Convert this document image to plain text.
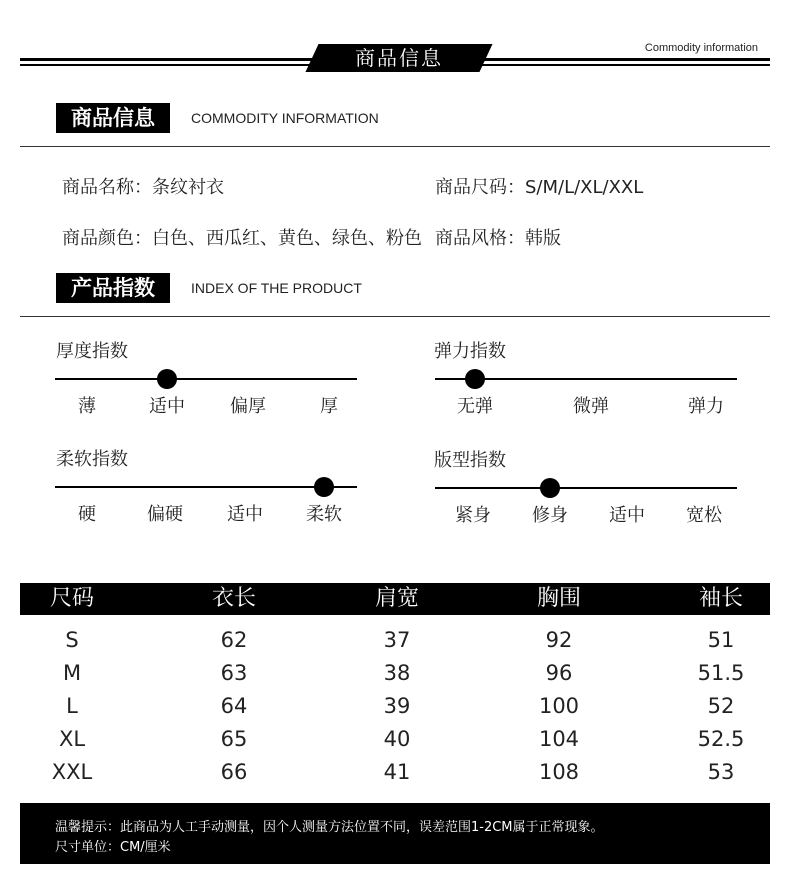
商品信息	Commodity information
商品信息	COMMODITY INFORMATION
商品名称：条纹衬衣	商品尺码：S/M/L/XL/XXL
商品颜色：白色、西瓜红、黄色、绿色、粉色 商品风格：韩版
产品指数	INDEX OF THE PRODUCT
厚度指数
薄	适中	偏厚	厚
弹力指数
无弹	微弹	弹力
柔软指数
硬	偏硬	适中	柔软
版型指数
紧身	修身	适中	宽松
尺码	衣长	肩宽	胸围	袖长
S	62	37	92	51
M	63	38	96	51.5
L	64	39	100	52
XL	65	40	104	52.5
XXL	66	41	108	53
温馨提示：此商品为人工手动测量，因个人测量方法位置不同，误差范围1-2CM属于正常现象。
尺寸单位：CM/厘米
